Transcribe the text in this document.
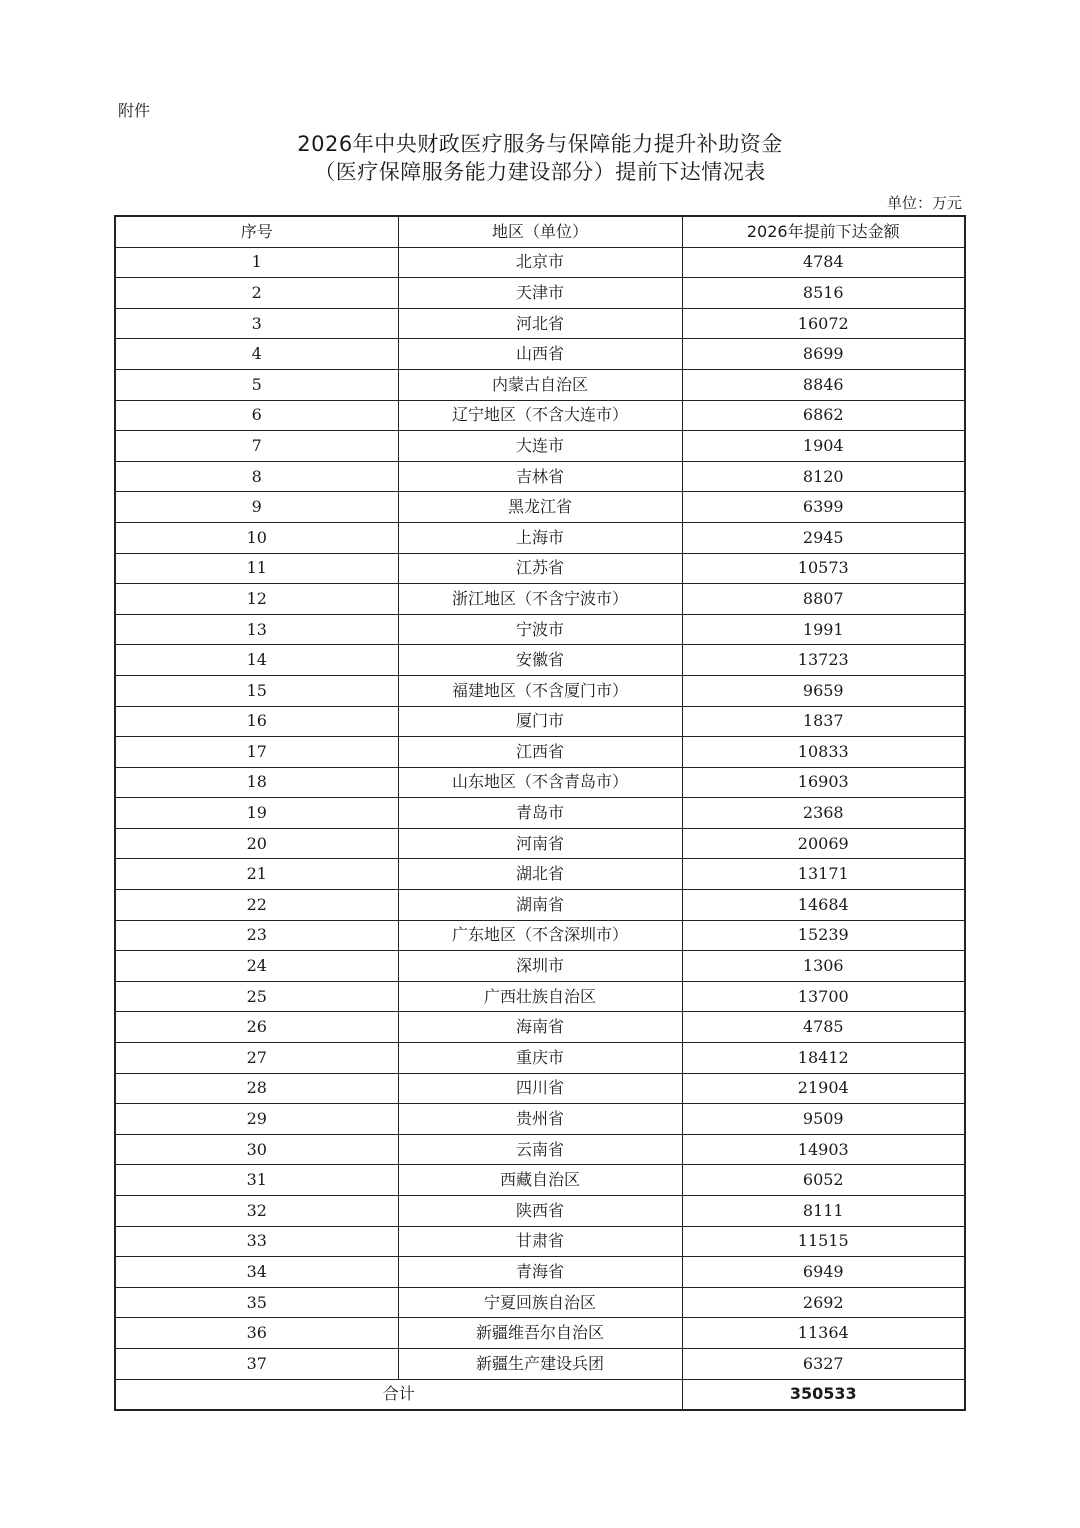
附件
2026年中央财政医疗服务与保障能力提升补助资金
（医疗保障服务能力建设部分）提前下达情况表
单位：万元
序号	地区（单位）	2026年提前下达金额
1	北京市	4784
2	天津市	8516
3	河北省	16072
4	山西省	8699
5	内蒙古自治区	8846
6	辽宁地区（不含大连市）	6862
7	大连市	1904
8	吉林省	8120
9	黑龙江省	6399
10	上海市	2945
11	江苏省	10573
12	浙江地区（不含宁波市）	8807
13	宁波市	1991
14	安徽省	13723
15	福建地区（不含厦门市）	9659
16	厦门市	1837
17	江西省	10833
18	山东地区（不含青岛市）	16903
19	青岛市	2368
20	河南省	20069
21	湖北省	13171
22	湖南省	14684
23	广东地区（不含深圳市）	15239
24	深圳市	1306
25	广西壮族自治区	13700
26	海南省	4785
27	重庆市	18412
28	四川省	21904
29	贵州省	9509
30	云南省	14903
31	西藏自治区	6052
32	陕西省	8111
33	甘肃省	11515
34	青海省	6949
35	宁夏回族自治区	2692
36	新疆维吾尔自治区	11364
37	新疆生产建设兵团	6327
合计		350533
